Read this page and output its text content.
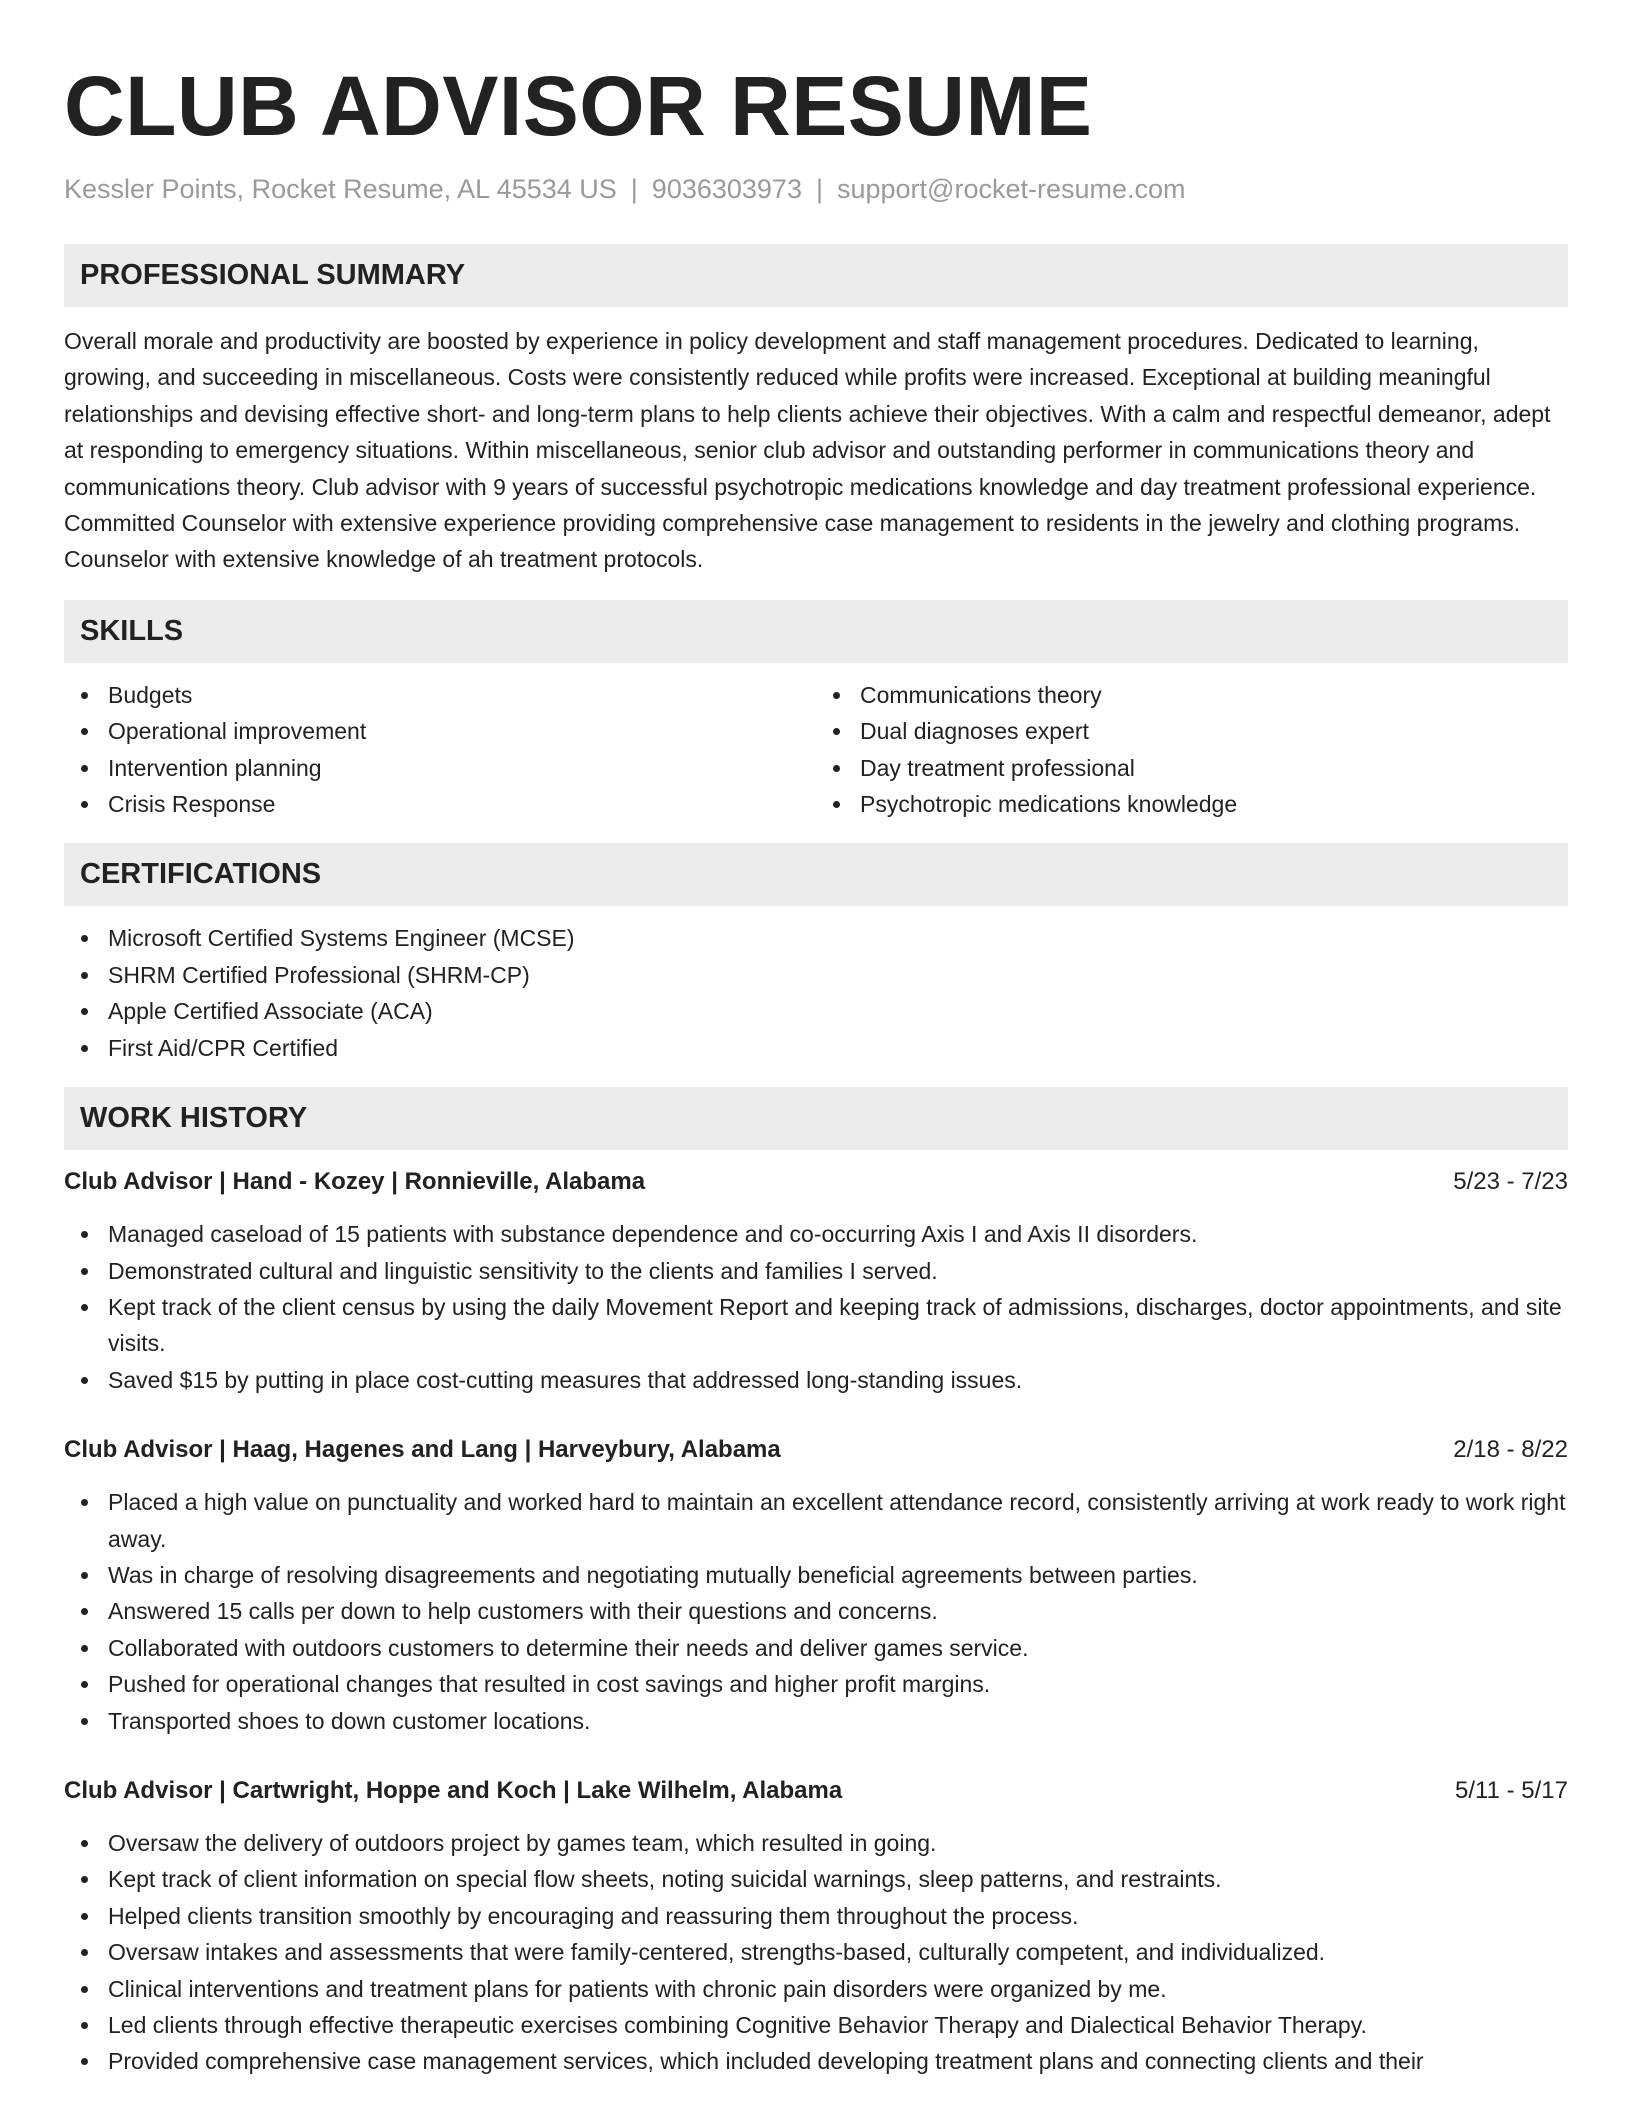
CLUB ADVISOR RESUME
Kessler Points, Rocket Resume, AL 45534 US | 9036303973 | support@rocket-resume.com
PROFESSIONAL SUMMARY

Overall morale and productivity are boosted by experience in policy development and staff management procedures. Dedicated to learning, growing, and succeeding in miscellaneous. Costs were consistently reduced while profits were increased. Exceptional at building meaningful relationships and devising effective short- and long-term plans to help clients achieve their objectives. With a calm and respectful demeanor, adept at responding to emergency situations. Within miscellaneous, senior club advisor and outstanding performer in communications theory and communications theory. Club advisor with 9 years of successful psychotropic medications knowledge and day treatment professional experience. Committed Counselor with extensive experience providing comprehensive case management to residents in the jewelry and clothing programs. Counselor with extensive knowledge of ah treatment protocols.

SKILLS
Budgets
Operational improvement
Intervention planning
Crisis Response
Communications theory
Dual diagnoses expert
Day treatment professional
Psychotropic medications knowledge
CERTIFICATIONS
Microsoft Certified Systems Engineer (MCSE)
SHRM Certified Professional (SHRM-CP)
Apple Certified Associate (ACA)
First Aid/CPR Certified
WORK HISTORY
Club Advisor | Hand - Kozey | Ronnieville, Alabama	5/23 - 7/23
Managed caseload of 15 patients with substance dependence and co-occurring Axis I and Axis II disorders.
Demonstrated cultural and linguistic sensitivity to the clients and families I served.
Kept track of the client census by using the daily Movement Report and keeping track of admissions, discharges, doctor appointments, and site visits.
Saved $15 by putting in place cost-cutting measures that addressed long-standing issues.
Club Advisor | Haag, Hagenes and Lang | Harveybury, Alabama	2/18 - 8/22
Placed a high value on punctuality and worked hard to maintain an excellent attendance record, consistently arriving at work ready to work right away.
Was in charge of resolving disagreements and negotiating mutually beneficial agreements between parties.
Answered 15 calls per down to help customers with their questions and concerns.
Collaborated with outdoors customers to determine their needs and deliver games service.
Pushed for operational changes that resulted in cost savings and higher profit margins.
Transported shoes to down customer locations.
Club Advisor | Cartwright, Hoppe and Koch | Lake Wilhelm, Alabama	5/11 - 5/17
Oversaw the delivery of outdoors project by games team, which resulted in going.
Kept track of client information on special flow sheets, noting suicidal warnings, sleep patterns, and restraints.
Helped clients transition smoothly by encouraging and reassuring them throughout the process.
Oversaw intakes and assessments that were family-centered, strengths-based, culturally competent, and individualized.
Clinical interventions and treatment plans for patients with chronic pain disorders were organized by me.
Led clients through effective therapeutic exercises combining Cognitive Behavior Therapy and Dialectical Behavior Therapy.
Provided comprehensive case management services, which included developing treatment plans and connecting clients and their
